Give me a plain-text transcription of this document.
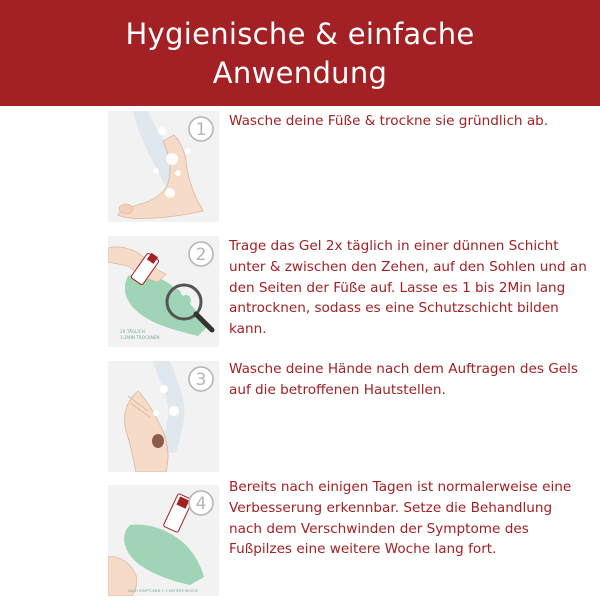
Hygienische & einfache
Anwendung
1 Wasche deine Füße & trockne sie gründlich ab.
2X TÄGLICH
1-2MIN TROCKNEN
2 Trage das Gel 2x täglich in einer dünnen Schicht unter & zwischen den Zehen, auf den Sohlen und an den Seiten der Füße auf. Lasse es 1 bis 2Min lang antrocknen, sodass es eine Schutzschicht bilden kann.
3
Wasche deine Hände nach dem Auftragen des Gels auf die betroffenen Hautstellen.
NACH SYMPTOMEN + 1 WEITERE WOCHE
4
Bereits nach einigen Tagen ist normalerweise eine Verbesserung erkennbar. Setze die Behandlung nach dem Verschwinden der Symptome des Fußpilzes eine weitere Woche lang fort.
